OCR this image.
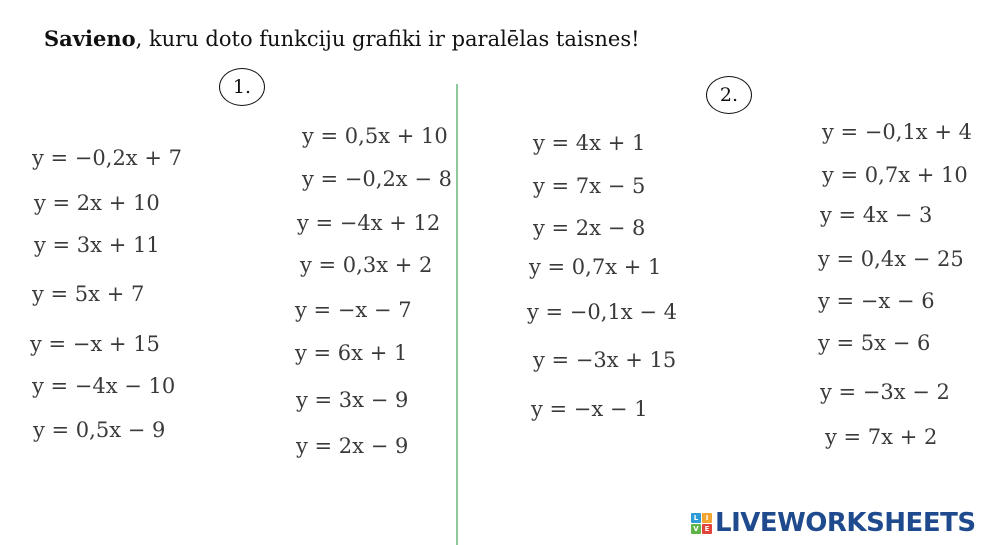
Savieno, kuru doto funkciju grafiki ir paralēlas taisnes!
1.	2.
y = −0,2x + 7
y = 2x + 10
y = 3x + 11
y = 5x + 7
y = −x + 15
y = −4x − 10
y = 0,5x − 9
y = 0,5x + 10
y = −0,2x − 8
y = −4x + 12
y = 0,3x + 2
y = −x − 7
y = 6x + 1
y = 3x − 9
y = 2x − 9
y = 4x + 1
y = 7x − 5
y = 2x − 8
y = 0,7x + 1
y = −0,1x − 4
y = −3x + 15
y = −x − 1
y = −0,1x + 4
y = 0,7x + 10
y = 4x − 3
y = 0,4x − 25
y = −x − 6
y = 5x − 6
y = −3x − 2
y = 7x + 2
L	I
V E LIVEWORKSHEETS
